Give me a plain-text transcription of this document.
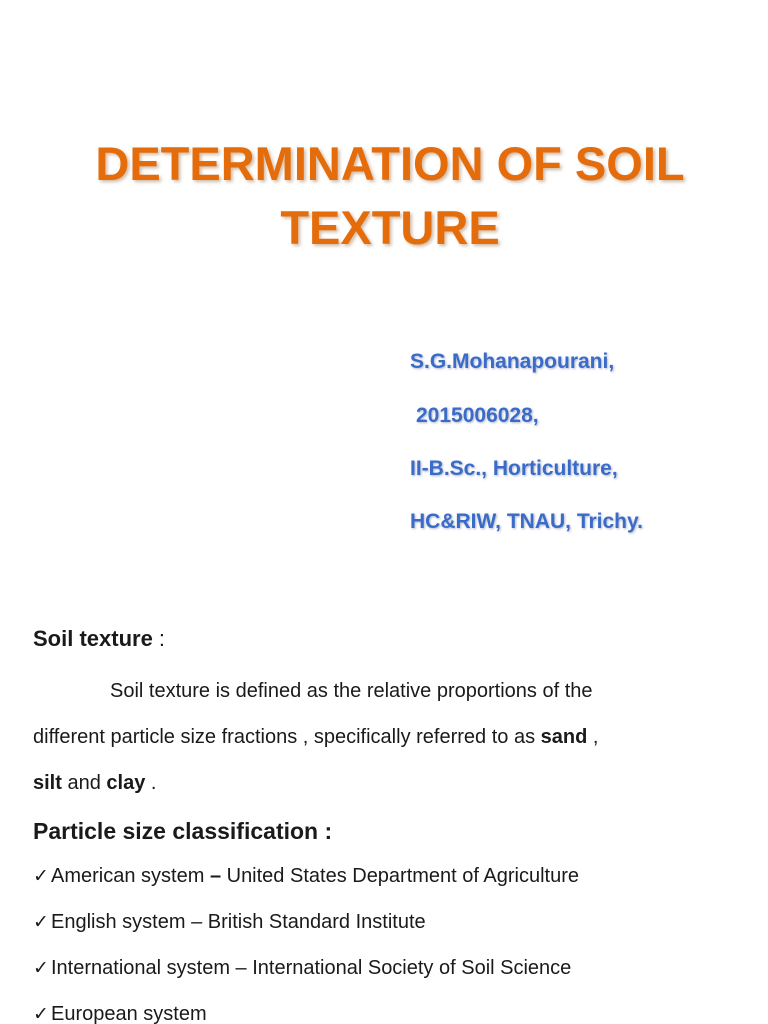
DETERMINATION OF SOIL
TEXTURE
S.G.Mohanapourani,
2015006028,
II-B.Sc., Horticulture,
HC&RIW, TNAU, Trichy.
Soil texture :
Soil texture is defined as the relative proportions of the
different particle size fractions , specifically referred to as sand ,
silt and clay .
Particle size classification :
✓ American system – United States Department of Agriculture
✓ English system – British Standard Institute
✓ International system – International Society of Soil Science
✓ European system
